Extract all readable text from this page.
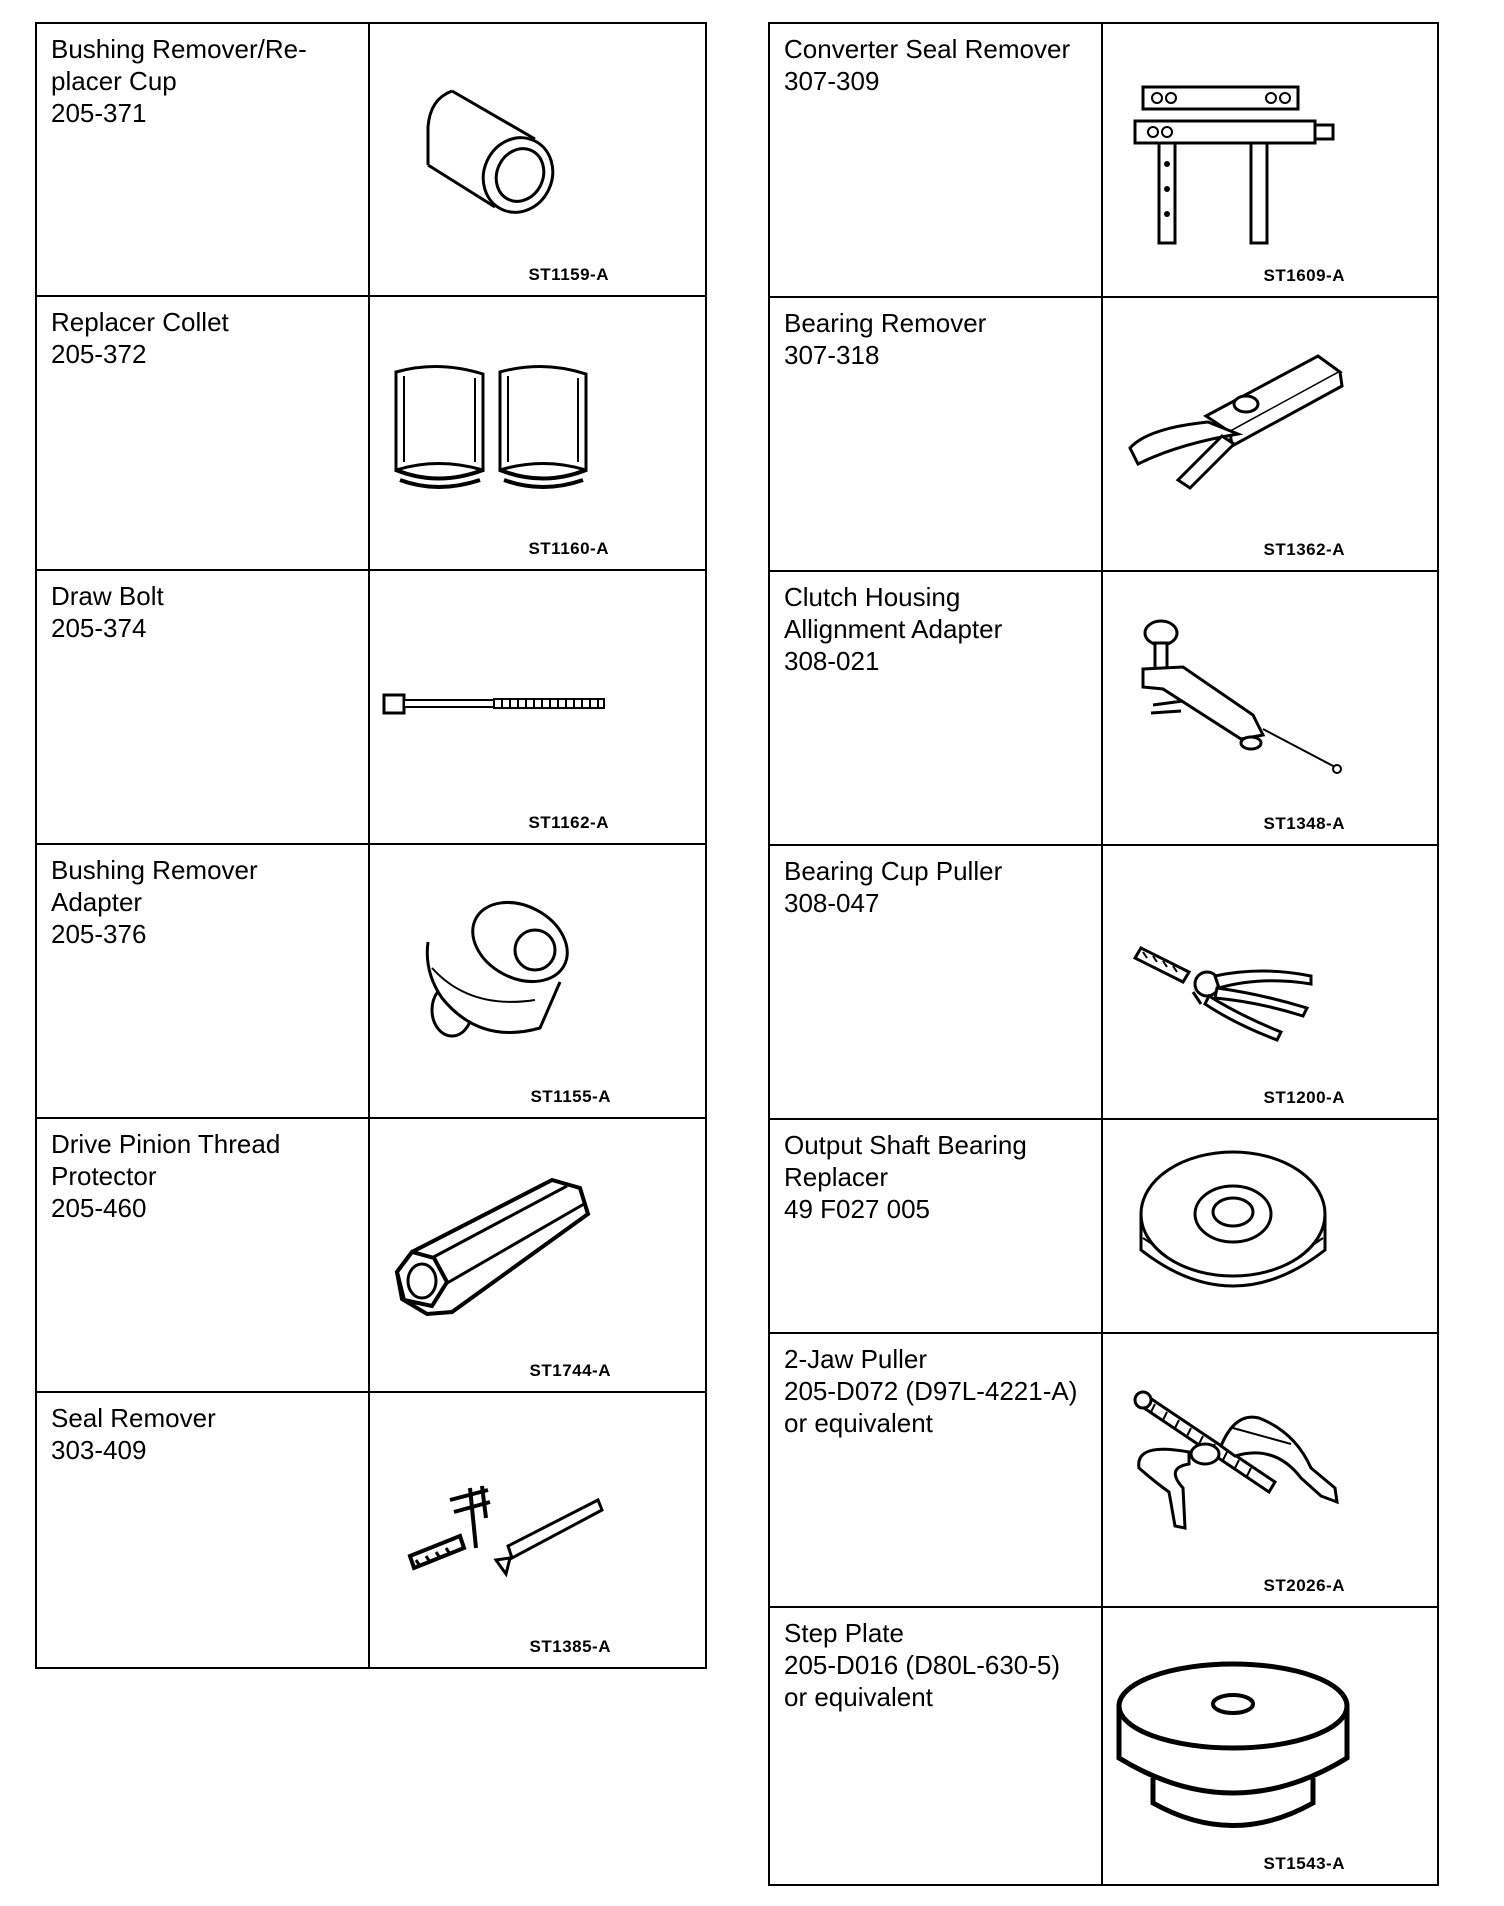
Bushing Remover/Re-
placer Cup
205-371
ST1159-A
Replacer Collet
205-372
ST1160-A
Draw Bolt
205-374
ST1162-A
Bushing Remover
Adapter
205-376
ST1155-A
Drive Pinion Thread
Protector
205-460
ST1744-A
Seal Remover
303-409
ST1385-A
Converter Seal Remover
307-309
ST1609-A
Bearing Remover
307-318
ST1362-A
Clutch Housing
Allignment Adapter
308-021
ST1348-A
Bearing Cup Puller
308-047
ST1200-A
Output Shaft Bearing
Replacer
49 F027 005
2-Jaw Puller
205-D072 (D97L-4221-A)
or equivalent
ST2026-A
Step Plate
205-D016 (D80L-630-5)
or equivalent
ST1543-A
